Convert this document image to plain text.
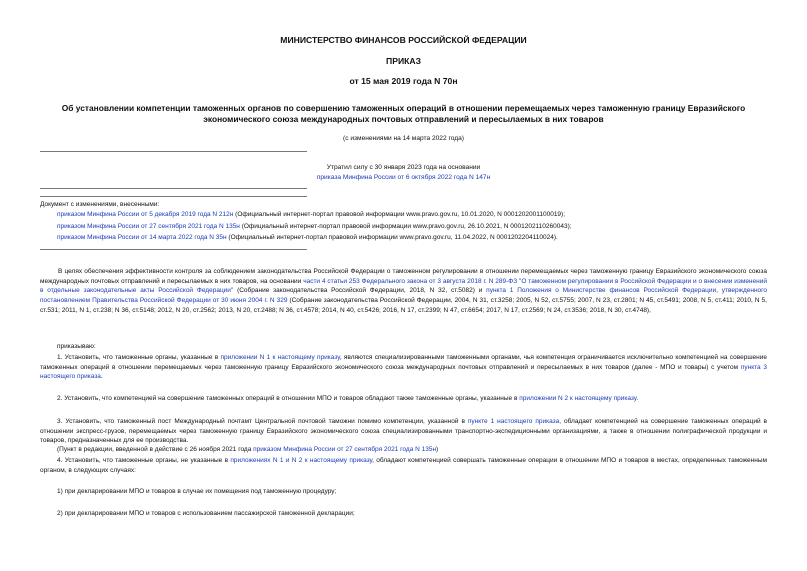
МИНИСТЕРСТВО ФИНАНСОВ РОССИЙСКОЙ ФЕДЕРАЦИИ
ПРИКАЗ
от 15 мая 2019 года N 70н
Об установлении компетенции таможенных органов по совершению таможенных операций в отношении перемещаемых через таможенную границу Евразийского экономического союза международных почтовых отправлений и пересылаемых в них товаров
(с изменениями на 14 марта 2022 года)
Утратил силу с 30 января 2023 года на основании
приказа Минфина России от 6 октября 2022 года N 147н
Документ с изменениями, внесенными:
приказом Минфина России от 5 декабря 2019 года N 212н (Официальный интернет-портал правовой информации www.pravo.gov.ru, 10.01.2020, N 0001202001100019);
приказом Минфина России от 27 сентября 2021 года N 135н (Официальный интернет-портал правовой информации www.pravo.gov.ru, 26.10.2021, N 0001202110260043);
приказом Минфина России от 14 марта 2022 года N 35н (Официальный интернет-портал правовой информации www.pravo.gov.ru, 11.04.2022, N 0001202204110024).
В целях обеспечения эффективности контроля за соблюдением законодательства Российской Федерации о таможенном регулировании в отношении перемещаемых через таможенную границу Евразийского экономического союза международных почтовых отправлений и пересылаемых в них товаров, на основании части 4 статьи 253 Федерального закона от 3 августа 2018 г. N 289-ФЗ "О таможенном регулировании в Российской Федерации и о внесении изменений в отдельные законодательные акты Российской Федерации" (Собрание законодательства Российской Федерации, 2018, N 32, ст.5082) и пункта 1 Положения о Министерстве финансов Российской Федерации, утвержденного постановлением Правительства Российской Федерации от 30 июня 2004 г. N 329 (Собрание законодательства Российской Федерации, 2004, N 31, ст.3258; 2005, N 52, ст.5755; 2007, N 23, ст.2801; N 45, ст.5491; 2008, N 5, ст.411; 2010, N 5, ст.531; 2011, N 1, ст.238; N 36, ст.5148; 2012, N 20, ст.2562; 2013, N 20, ст.2488; N 36, ст.4578; 2014, N 40, ст.5426; 2016, N 17, ст.2399; N 47, ст.6654; 2017, N 17, ст.2569; N 24, ст.3536; 2018, N 30, ст.4748),
приказываю:
1. Установить, что таможенные органы, указанные в приложении N 1 к настоящему приказу, являются специализированными таможенными органами, чья компетенция ограничивается исключительно компетенцией на совершение таможенных операций в отношении перемещаемых через таможенную границу Евразийского экономического союза международных почтовых отправлений и пересылаемых в них товаров (далее - МПО и товары) с учетом пункта 3 настоящего приказа.
2. Установить, что компетенцией на совершение таможенных операций в отношении МПО и товаров обладают также таможенные органы, указанные в приложении N 2 к настоящему приказу.
3. Установить, что таможенный пост Международный почтамт Центральной почтовой таможни помимо компетенции, указанной в пункте 1 настоящего приказа, обладает компетенцией на совершение таможенных операций в отношении экспресс-грузов, перемещаемых через таможенную границу Евразийского экономического союза специализированными транспортно-экспедиционными организациями, а также в отношении полиграфической продукции и товаров, предназначенных для ее производства.
(Пункт в редакции, введенной в действие с 26 ноября 2021 года приказом Минфина России от 27 сентября 2021 года N 135н)
4. Установить, что таможенные органы, не указанные в приложениях N 1 и N 2 к настоящему приказу, обладают компетенцией совершать таможенные операции в отношении МПО и товаров в местах, определенных таможенным органом, в следующих случаях:
1) при декларировании МПО и товаров в случае их помещения под таможенную процедуру;
2) при декларировании МПО и товаров с использованием пассажирской таможенной декларации;
